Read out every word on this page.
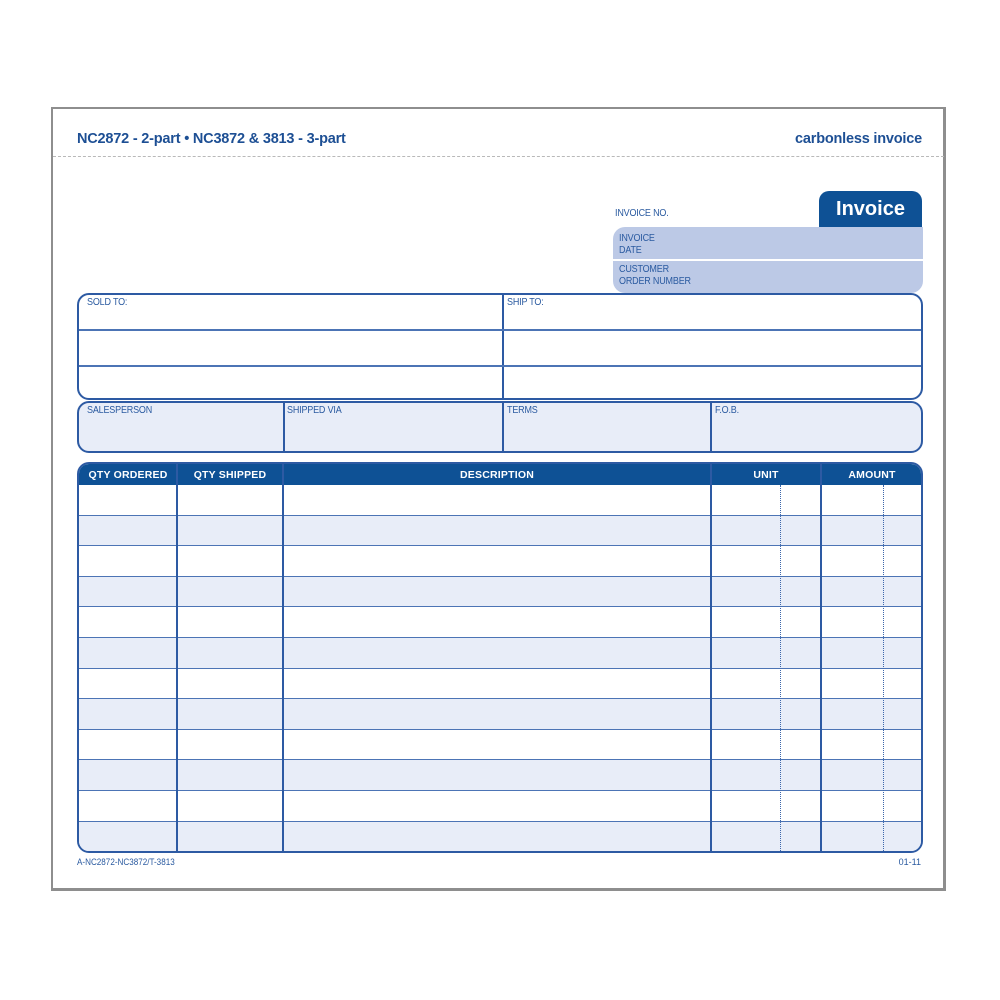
NC2872 - 2-part • NC3872 & 3813 - 3-part	carbonless invoice
Invoice
INVOICE NO.
INVOICE
DATE
CUSTOMER
ORDER NUMBER
SOLD TO:	SHIP TO:
SALESPERSON	SHIPPED VIA	TERMS	F.O.B.
QTY ORDERED	QTY SHIPPED	DESCRIPTION	UNIT	AMOUNT
A-NC2872-NC3872/T-3813	01-11
